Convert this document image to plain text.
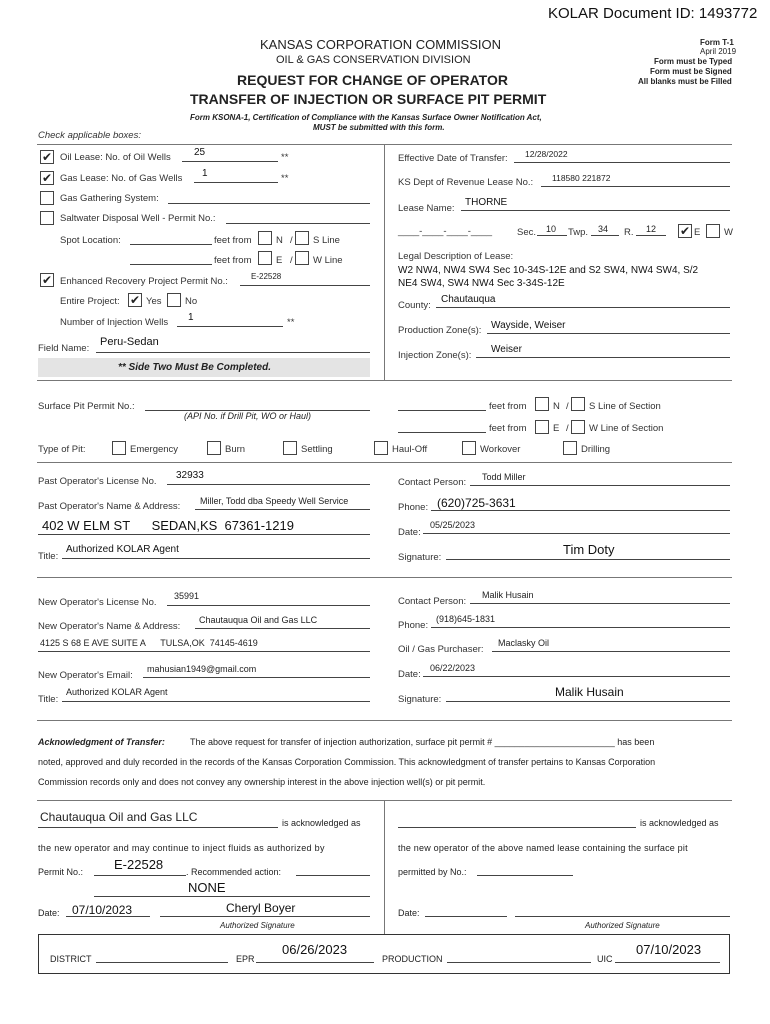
KOLAR Document ID: 1493772
KANSAS CORPORATION COMMISSION
OIL & GAS CONSERVATION DIVISION
REQUEST FOR CHANGE OF OPERATOR
TRANSFER OF INJECTION OR SURFACE PIT PERMIT
Form KSONA-1, Certification of Compliance with the Kansas Surface Owner Notification Act,
MUST be submitted with this form.
Form T-1
April 2019
Form must be Typed
Form must be Signed
All blanks must be Filled
Check applicable boxes:
✔ Oil Lease: No. of Oil Wells 25	**
✔ Gas Lease: No. of Gas Wells 1	**
Gas Gathering System:
Saltwater Disposal Well - Permit No.:
Spot Location:	feet from	N / S Line
feet from	E / W Line
✔ Enhanced Recovery Project Permit No.:	E-22528
Entire Project: ✔ Yes No
Number of Injection Wells 1	**
Field Name:
Peru-Sedan
** Side Two Must Be Completed.
Effective Date of Transfer: 12/28/2022
KS Dept of Revenue Lease No.: 118580 221872
Lease Name:
THORNE
____-____-____-____	Sec. 10 Twp. 34 R. 12 ✔ E W
Legal Description of Lease:
W2 NW4, NW4 SW4 Sec 10-34S-12E and S2 SW4, NW4 SW4, S/2
NE4 SW4, SW4 NW4 Sec 3-34S-12E
County:
Chautauqua
Production Zone(s): Wayside, Weiser
Injection Zone(s):
Weiser
Surface Pit Permit No.:
(API No. if Drill Pit, WO or Haul)
feet from	N / S Line of Section
feet from	E / W Line of Section
Type of Pit:	Emergency	Burn	Settling	Haul-Off	Workover	Drilling
Past Operator's License No.
32933
Past Operator's Name & Address: Miller, Todd dba Speedy Well Service
402 W ELM ST      SEDAN,KS  67361-1219
Title:
Authorized KOLAR Agent
Contact Person: Todd Miller
Phone: (620)725-3631
Date:
05/25/2023
Signature:
Tim Doty
New Operator's License No.
35991
New Operator's Name & Address:
Chautauqua Oil and Gas LLC
4125 S 68 E AVE SUITE A      TULSA,OK  74145-4619
New Operator's Email:
mahusian1949@gmail.com
Title:
Authorized KOLAR Agent
Contact Person:
Malik Husain
Phone:
(918)645-1831
Oil / Gas Purchaser:
Maclasky Oil
Date:
06/22/2023
Signature:
Malik Husain
Acknowledgment of Transfer:	The above request for transfer of injection authorization, surface pit permit # ________________________ has been
noted, approved and duly recorded in the records of the Kansas Corporation Commission. This acknowledgment of transfer pertains to Kansas Corporation
Commission records only and does not convey any ownership interest in the above injection well(s) or pit permit.
Chautauqua Oil and Gas LLC	is acknowledged as
the new operator and may continue to inject fluids as authorized by
Permit No.: E-22528	. Recommended action:
NONE
Date: 07/10/2023	Cheryl Boyer
Authorized Signature
is acknowledged as
the new operator of the above named lease containing the surface pit
permitted by No.:
Date:
Authorized Signature
DISTRICT	EPR
06/26/2023
PRODUCTION	UIC
07/10/2023
